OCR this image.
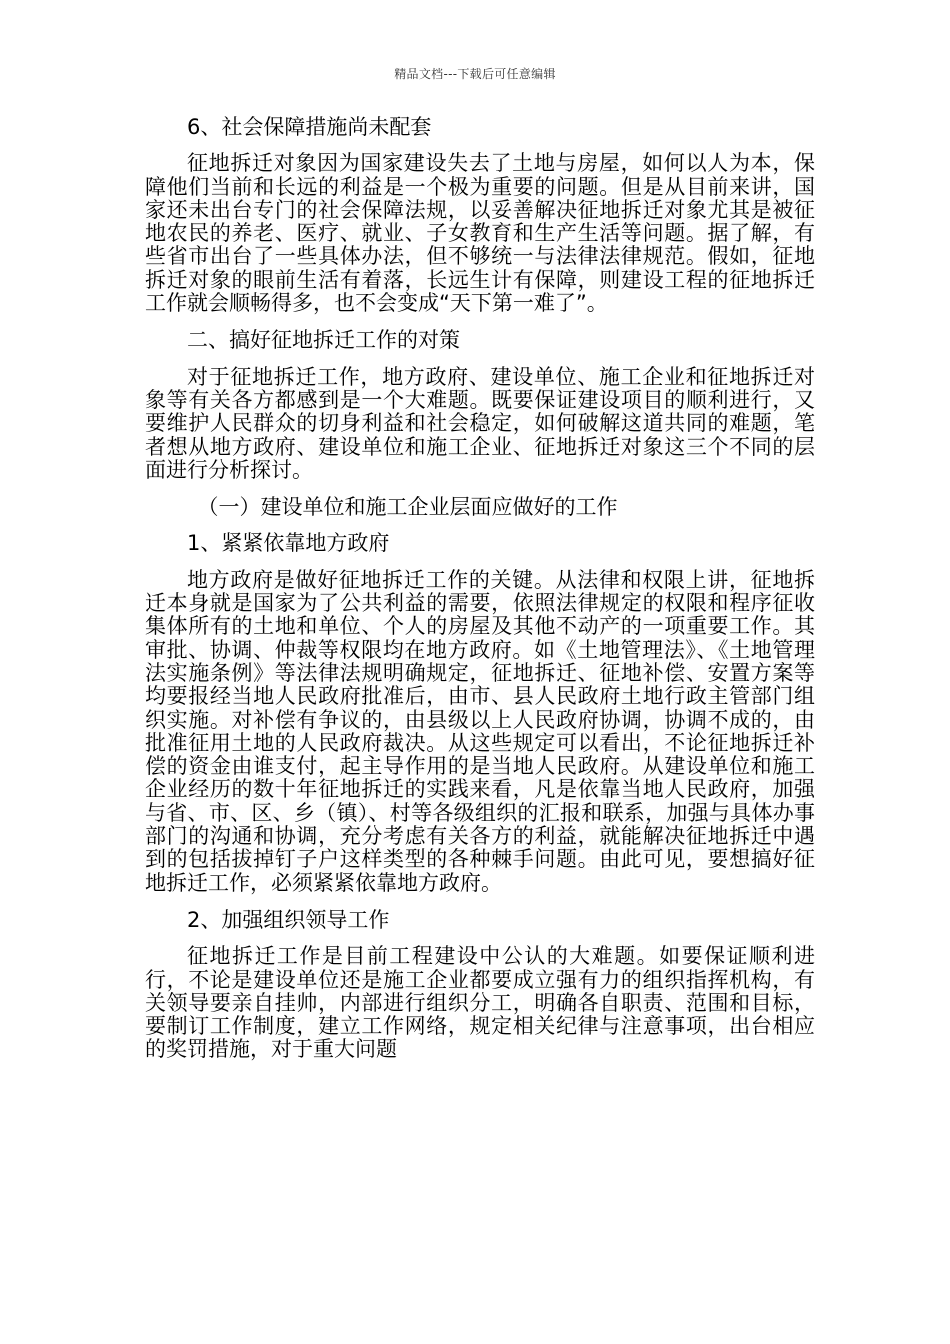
精品文档---下载后可任意编辑

6、社会保障措施尚未配套

征地拆迁对象因为国家建设失去了土地与房屋，如何以人为本，保障他们当前和长远的利益是一个极为重要的问题。但是从目前来讲，国家还未出台专门的社会保障法规，以妥善解决征地拆迁对象尤其是被征地农民的养老、医疗、就业、子女教育和生产生活等问题。据了解，有些省市出台了一些具体办法，但不够统一与法律法律规范。假如，征地拆迁对象的眼前生活有着落，长远生计有保障，则建设工程的征地拆迁工作就会顺畅得多，也不会变成“天下第一难了”。

二、搞好征地拆迁工作的对策

对于征地拆迁工作，地方政府、建设单位、施工企业和征地拆迁对象等有关各方都感到是一个大难题。既要保证建设项目的顺利进行，又要维护人民群众的切身利益和社会稳定，如何破解这道共同的难题，笔者想从地方政府、建设单位和施工企业、征地拆迁对象这三个不同的层面进行分析探讨。

（一）建设单位和施工企业层面应做好的工作

1、紧紧依靠地方政府

地方政府是做好征地拆迁工作的关键。从法律和权限上讲，征地拆迁本身就是国家为了公共利益的需要，依照法律规定的权限和程序征收集体所有的土地和单位、个人的房屋及其他不动产的一项重要工作。其审批、协调、仲裁等权限均在地方政府。如《土地管理法》、《土地管理法实施条例》等法律法规明确规定，征地拆迁、征地补偿、安置方案等均要报经当地人民政府批准后，由市、县人民政府土地行政主管部门组织实施。对补偿有争议的，由县级以上人民政府协调，协调不成的，由批准征用土地的人民政府裁决。从这些规定可以看出，不论征地拆迁补偿的资金由谁支付，起主导作用的是当地人民政府。从建设单位和施工企业经历的数十年征地拆迁的实践来看，凡是依靠当地人民政府，加强与省、市、区、乡（镇）、村等各级组织的汇报和联系，加强与具体办事部门的沟通和协调，充分考虑有关各方的利益，就能解决征地拆迁中遇到的包括拔掉钉子户这样类型的各种棘手问题。由此可见，要想搞好征地拆迁工作，必须紧紧依靠地方政府。

2、加强组织领导工作

征地拆迁工作是目前工程建设中公认的大难题。如要保证顺利进行，不论是建设单位还是施工企业都要成立强有力的组织指挥机构，有关领导要亲自挂帅，内部进行组织分工，明确各自职责、范围和目标，要制订工作制度，建立工作网络，规定相关纪律与注意事项，出台相应的奖罚措施，对于重大问题
